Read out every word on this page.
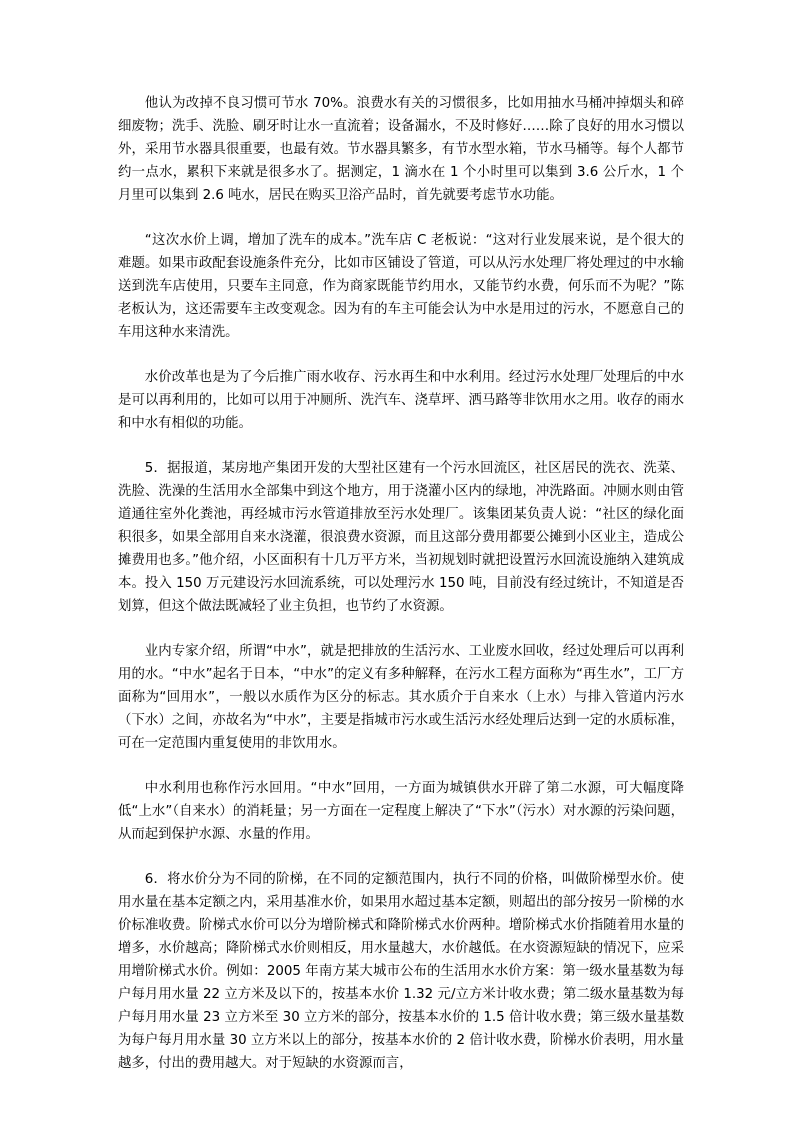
他认为改掉不良习惯可节水 70%。浪费水有关的习惯很多，比如用抽水马桶冲掉烟头和碎细废物；洗手、洗脸、刷牙时让水一直流着；设备漏水，不及时修好……除了良好的用水习惯以外，采用节水器具很重要，也最有效。节水器具繁多，有节水型水箱，节水马桶等。每个人都节约一点水，累积下来就是很多水了。据测定，1 滴水在 1 个小时里可以集到 3.6 公斤水，1 个月里可以集到 2.6 吨水，居民在购买卫浴产品时，首先就要考虑节水功能。

“这次水价上调，增加了洗车的成本。”洗车店 C 老板说：“这对行业发展来说，是个很大的难题。如果市政配套设施条件充分，比如市区铺设了管道，可以从污水处理厂将处理过的中水输送到洗车店使用，只要车主同意，作为商家既能节约用水，又能节约水费，何乐而不为呢？”陈老板认为，这还需要车主改变观念。因为有的车主可能会认为中水是用过的污水，不愿意自己的车用这种水来清洗。

水价改革也是为了今后推广雨水收存、污水再生和中水利用。经过污水处理厂处理后的中水是可以再利用的，比如可以用于冲厕所、洗汽车、浇草坪、洒马路等非饮用水之用。收存的雨水和中水有相似的功能。

5．据报道，某房地产集团开发的大型社区建有一个污水回流区，社区居民的洗衣、洗菜、洗脸、洗澡的生活用水全部集中到这个地方，用于浇灌小区内的绿地，冲洗路面。冲厕水则由管道通往室外化粪池，再经城市污水管道排放至污水处理厂。该集团某负责人说：“社区的绿化面积很多，如果全部用自来水浇灌，很浪费水资源，而且这部分费用都要公摊到小区业主，造成公摊费用也多。”他介绍，小区面积有十几万平方米，当初规划时就把设置污水回流设施纳入建筑成本。投入 150 万元建设污水回流系统，可以处理污水 150 吨，目前没有经过统计，不知道是否划算，但这个做法既减轻了业主负担，也节约了水资源。

业内专家介绍，所谓“中水”，就是把排放的生活污水、工业废水回收，经过处理后可以再利用的水。“中水”起名于日本，“中水”的定义有多种解释，在污水工程方面称为“再生水”，工厂方面称为“回用水”，一般以水质作为区分的标志。其水质介于自来水（上水）与排入管道内污水（下水）之间，亦故名为“中水”，主要是指城市污水或生活污水经处理后达到一定的水质标准，可在一定范围内重复使用的非饮用水。

中水利用也称作污水回用。“中水”回用，一方面为城镇供水开辟了第二水源，可大幅度降低“上水”（自来水）的消耗量；另一方面在一定程度上解决了“下水”（污水）对水源的污染问题，从而起到保护水源、水量的作用。

6．将水价分为不同的阶梯，在不同的定额范围内，执行不同的价格，叫做阶梯型水价。使用水量在基本定额之内，采用基准水价，如果用水超过基本定额，则超出的部分按另一阶梯的水价标准收费。阶梯式水价可以分为增阶梯式和降阶梯式水价两种。增阶梯式水价指随着用水量的增多，水价越高；降阶梯式水价则相反，用水量越大，水价越低。在水资源短缺的情况下，应采用增阶梯式水价。例如：2005 年南方某大城市公布的生活用水水价方案：第一级水量基数为每户每月用水量 22 立方米及以下的，按基本水价 1.32 元/立方米计收水费；第二级水量基数为每户每月用水量 23 立方米至 30 立方米的部分，按基本水价的 1.5 倍计收水费；第三级水量基数为每户每月用水量 30 立方米以上的部分，按基本水价的 2 倍计收水费，阶梯水价表明，用水量越多，付出的费用越大。对于短缺的水资源而言，
